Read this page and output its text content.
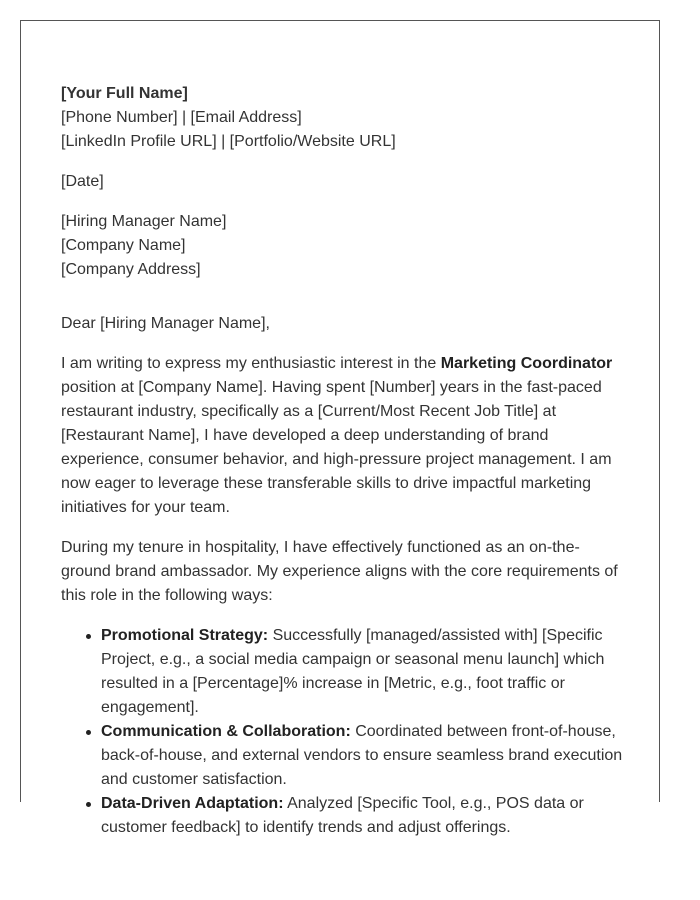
[Your Full Name]
[Phone Number] | [Email Address]
[LinkedIn Profile URL] | [Portfolio/Website URL]
[Date]
[Hiring Manager Name]
[Company Name]
[Company Address]

Dear [Hiring Manager Name],

I am writing to express my enthusiastic interest in the Marketing Coordinator position at [Company Name]. Having spent [Number] years in the fast-paced restaurant industry, specifically as a [Current/Most Recent Job Title] at [Restaurant Name], I have developed a deep understanding of brand experience, consumer behavior, and high-pressure project management. I am now eager to leverage these transferable skills to drive impactful marketing initiatives for your team.

During my tenure in hospitality, I have effectively functioned as an on-the-ground brand ambassador. My experience aligns with the core requirements of this role in the following ways:

Promotional Strategy: Successfully [managed/assisted with] [Specific Project, e.g., a social media campaign or seasonal menu launch] which resulted in a [Percentage]% increase in [Metric, e.g., foot traffic or engagement].
Communication & Collaboration: Coordinated between front-of-house, back-of-house, and external vendors to ensure seamless brand execution and customer satisfaction.
Data-Driven Adaptation: Analyzed [Specific Tool, e.g., POS data or customer feedback] to identify trends and adjust offerings.
